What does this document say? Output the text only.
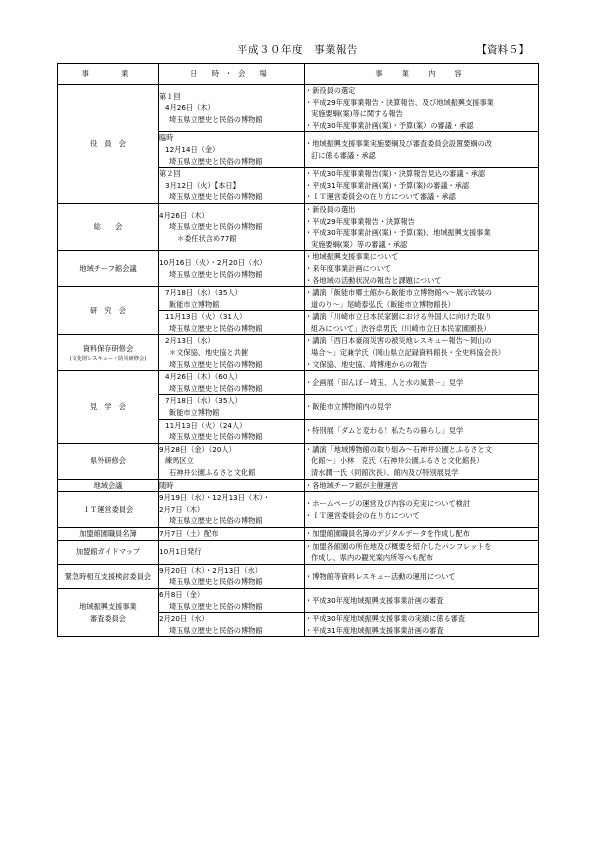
平成３０年度　事業報告	【資料５】
事　　業	日 時・会 場	事　業　内　容
役　員　会	第１回
4月26日（木）
埼玉県立歴史と民俗の博物館	・新役員の選定
・平成29年度事業報告・決算報告、及び地域振興支援事業
実施要綱(案)等に関する報告
・平成30年度事業計画(案)・予算(案）の審議・承認

	臨時
12月14日（金）
埼玉県立歴史と民俗の博物館	・地域振興支援事業実施要綱及び審査委員会設置要綱の改
訂に係る審議・承認

	第２回
3月12日（火）【本日】
埼玉県立歴史と民俗の博物館	・平成30年度事業報告(案)・決算報告見込の審議・承認
・平成31年度事業計画(案)・予算(案)の審議・承認
・ＩＴ運営委員会の在り方について審議・承認

総　　会	4月26日（木）
埼玉県立歴史と民俗の博物館
＊委任状含め77館	・新役員の選出
・平成29年度事業報告・決算報告
・平成30年度事業計画(案)・予算(案)、地域振興支援事業
実施要綱(案）等の審議・承認

地域チーフ館会議	10月16日（火）・2月20日（水）
埼玉県立歴史と民俗の博物館	・地域振興支援事業について
・来年度事業計画について
・各地域の活動状況の報告と課題について

研　究　会	7月18日（水）（35人）
飯能市立博物館	・講演「飯能市郷土館から飯能市立博物館へ～展示改装の
道のり～」尾崎泰弘氏（飯能市立博物館長）

	11月13日（火）（31人）
埼玉県立歴史と民俗の博物館	・講演「川崎市立日本民家園における外国人に向けた取り
組みについて」渋谷卓男氏（川崎市立日本民家園園長）

資料保存研修会
(文化財レスキュー・防災研修会)	2月13日（水）
＊文保協、地史協と共催
埼玉県立歴史と民俗の博物館	・講演「西日本豪雨災害の被災地レスキュー報告～岡山の
場合～」定兼学氏（岡山県立記録資料館長・全史料協会長）
・文保協、地史協、埼博連からの報告

見　学　会	4月26日（木）（60人）
埼玉県立歴史と民俗の博物館	・企画展「田んぼ－埼玉、人と水の風景－」見学

	7月18日（水）（35人）
飯能市立博物館	・飯能市立博物館内の見学

	11月13日（火）（24人）
埼玉県立歴史と民俗の博物館	・特別展「ダムと変わる！私たちの暮らし」見学

県外研修会	9月28日（金）（20人）
練馬区立
石神井公園ふるさと文化館	・講演「地域博物館の取り組み～石神井公園とふるさと文
化館～」小林　克氏（石神井公園ふるさと文化館長）
清水潤一氏（同館次長）、館内及び特別展見学

地域会議	随時	・各地域チーフ館が主催運営

ＩＴ運営委員会	9月19日（水）・12月13日（木）・
2月7日（木）
埼玉県立歴史と民俗の博物館	・ホームページの運営及び内容の充実について検討
・ＩＴ運営委員会の在り方について

加盟館園職員名簿	7月7日（土）配布	・加盟館園職員名簿のデジタルデータを作成し配布

加盟館ガイドマップ	10月1日発行	・加盟各館園の所在地及び概要を紹介したパンフレットを
作成し、県内の観光案内所等へも配布

緊急時相互支援検討委員会	9月20日（木）・2月13日（水）
埼玉県立歴史と民俗の博物館	・博物館等資料レスキュー活動の運用について

地域振興支援事業
審査委員会	6月8日（金）
埼玉県立歴史と民俗の博物館	・平成30年度地域振興支援事業計画の審査

	2月20日（水）
埼玉県立歴史と民俗の博物館	・平成30年度地域振興支援事業の実績に係る審査
・平成31年度地域振興支援事業計画の審査
